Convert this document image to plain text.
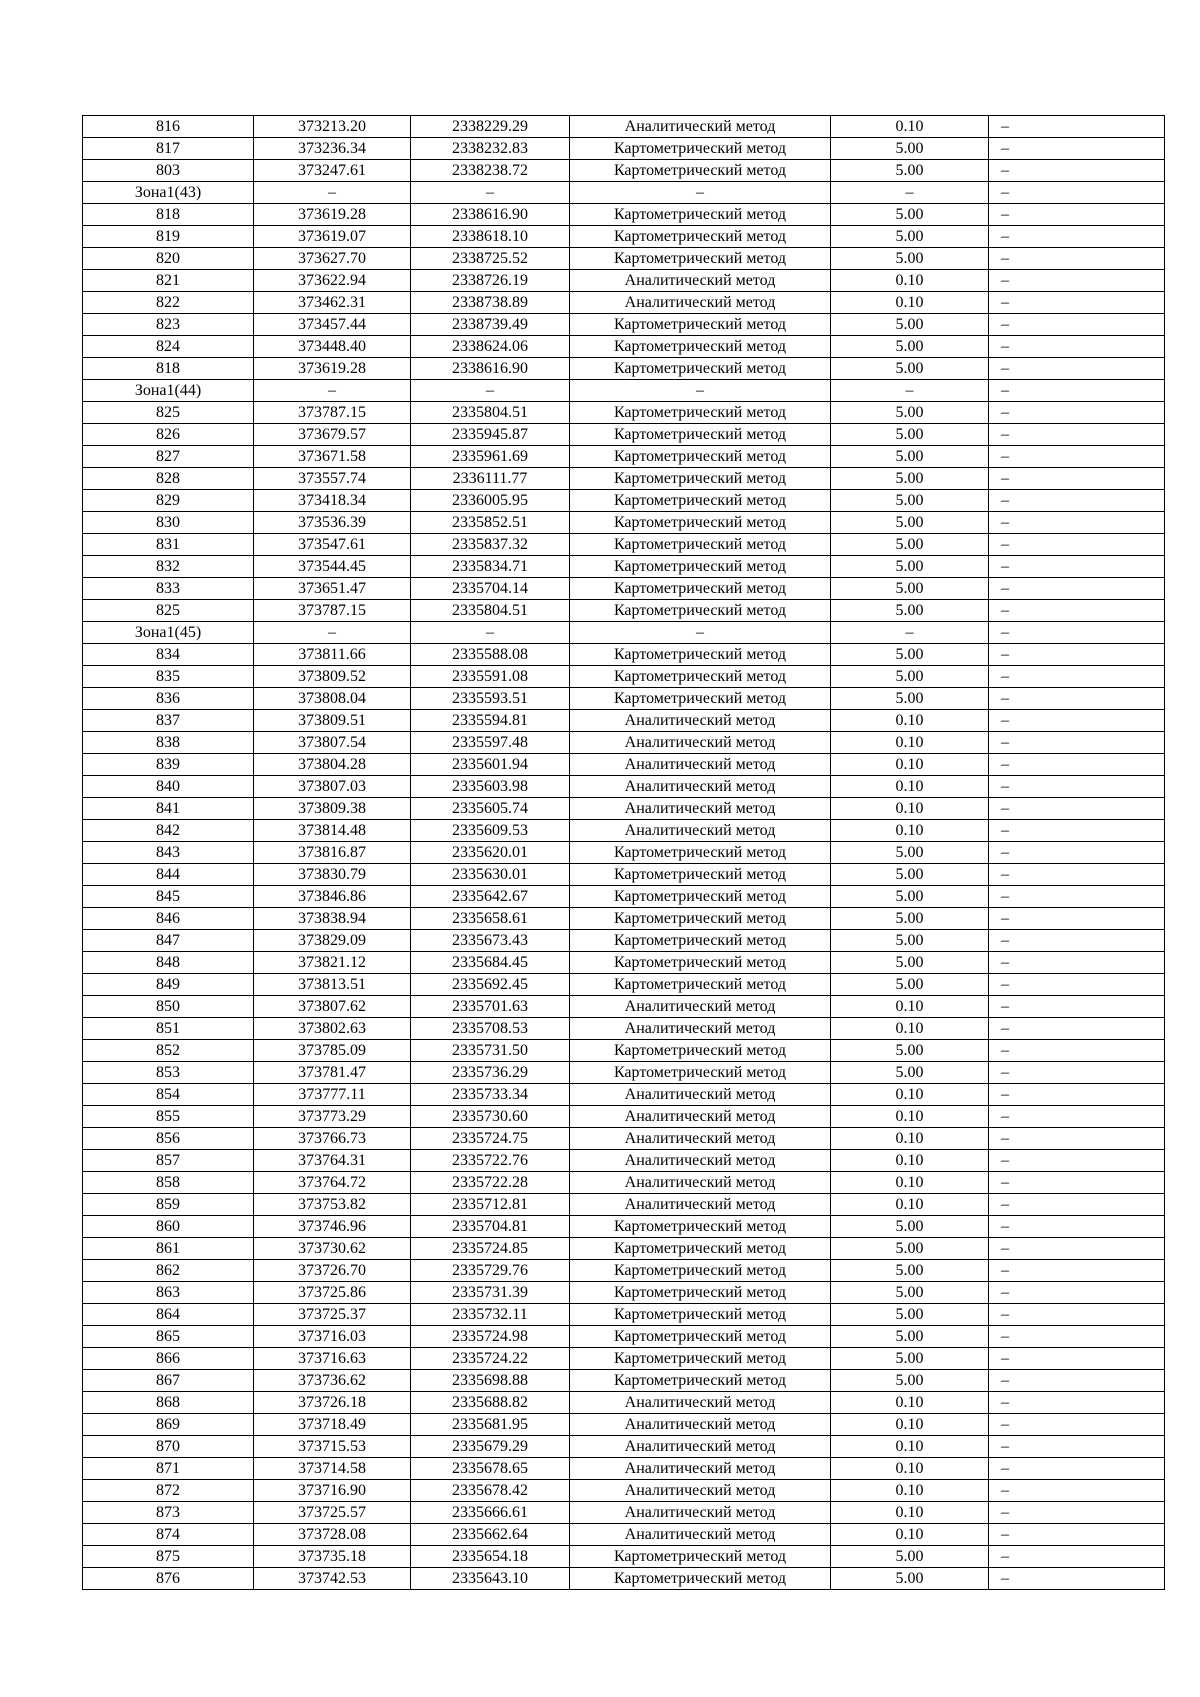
816	373213.20	2338229.29	Аналитический метод	0.10	–
817	373236.34	2338232.83	Картометрический метод	5.00	–
803	373247.61	2338238.72	Картометрический метод	5.00	–
Зона1(43)	–	–	–	–	–
818	373619.28	2338616.90	Картометрический метод	5.00	–
819	373619.07	2338618.10	Картометрический метод	5.00	–
820	373627.70	2338725.52	Картометрический метод	5.00	–
821	373622.94	2338726.19	Аналитический метод	0.10	–
822	373462.31	2338738.89	Аналитический метод	0.10	–
823	373457.44	2338739.49	Картометрический метод	5.00	–
824	373448.40	2338624.06	Картометрический метод	5.00	–
818	373619.28	2338616.90	Картометрический метод	5.00	–
Зона1(44)	–	–	–	–	–
825	373787.15	2335804.51	Картометрический метод	5.00	–
826	373679.57	2335945.87	Картометрический метод	5.00	–
827	373671.58	2335961.69	Картометрический метод	5.00	–
828	373557.74	2336111.77	Картометрический метод	5.00	–
829	373418.34	2336005.95	Картометрический метод	5.00	–
830	373536.39	2335852.51	Картометрический метод	5.00	–
831	373547.61	2335837.32	Картометрический метод	5.00	–
832	373544.45	2335834.71	Картометрический метод	5.00	–
833	373651.47	2335704.14	Картометрический метод	5.00	–
825	373787.15	2335804.51	Картометрический метод	5.00	–
Зона1(45)	–	–	–	–	–
834	373811.66	2335588.08	Картометрический метод	5.00	–
835	373809.52	2335591.08	Картометрический метод	5.00	–
836	373808.04	2335593.51	Картометрический метод	5.00	–
837	373809.51	2335594.81	Аналитический метод	0.10	–
838	373807.54	2335597.48	Аналитический метод	0.10	–
839	373804.28	2335601.94	Аналитический метод	0.10	–
840	373807.03	2335603.98	Аналитический метод	0.10	–
841	373809.38	2335605.74	Аналитический метод	0.10	–
842	373814.48	2335609.53	Аналитический метод	0.10	–
843	373816.87	2335620.01	Картометрический метод	5.00	–
844	373830.79	2335630.01	Картометрический метод	5.00	–
845	373846.86	2335642.67	Картометрический метод	5.00	–
846	373838.94	2335658.61	Картометрический метод	5.00	–
847	373829.09	2335673.43	Картометрический метод	5.00	–
848	373821.12	2335684.45	Картометрический метод	5.00	–
849	373813.51	2335692.45	Картометрический метод	5.00	–
850	373807.62	2335701.63	Аналитический метод	0.10	–
851	373802.63	2335708.53	Аналитический метод	0.10	–
852	373785.09	2335731.50	Картометрический метод	5.00	–
853	373781.47	2335736.29	Картометрический метод	5.00	–
854	373777.11	2335733.34	Аналитический метод	0.10	–
855	373773.29	2335730.60	Аналитический метод	0.10	–
856	373766.73	2335724.75	Аналитический метод	0.10	–
857	373764.31	2335722.76	Аналитический метод	0.10	–
858	373764.72	2335722.28	Аналитический метод	0.10	–
859	373753.82	2335712.81	Аналитический метод	0.10	–
860	373746.96	2335704.81	Картометрический метод	5.00	–
861	373730.62	2335724.85	Картометрический метод	5.00	–
862	373726.70	2335729.76	Картометрический метод	5.00	–
863	373725.86	2335731.39	Картометрический метод	5.00	–
864	373725.37	2335732.11	Картометрический метод	5.00	–
865	373716.03	2335724.98	Картометрический метод	5.00	–
866	373716.63	2335724.22	Картометрический метод	5.00	–
867	373736.62	2335698.88	Картометрический метод	5.00	–
868	373726.18	2335688.82	Аналитический метод	0.10	–
869	373718.49	2335681.95	Аналитический метод	0.10	–
870	373715.53	2335679.29	Аналитический метод	0.10	–
871	373714.58	2335678.65	Аналитический метод	0.10	–
872	373716.90	2335678.42	Аналитический метод	0.10	–
873	373725.57	2335666.61	Аналитический метод	0.10	–
874	373728.08	2335662.64	Аналитический метод	0.10	–
875	373735.18	2335654.18	Картометрический метод	5.00	–
876	373742.53	2335643.10	Картометрический метод	5.00	–
